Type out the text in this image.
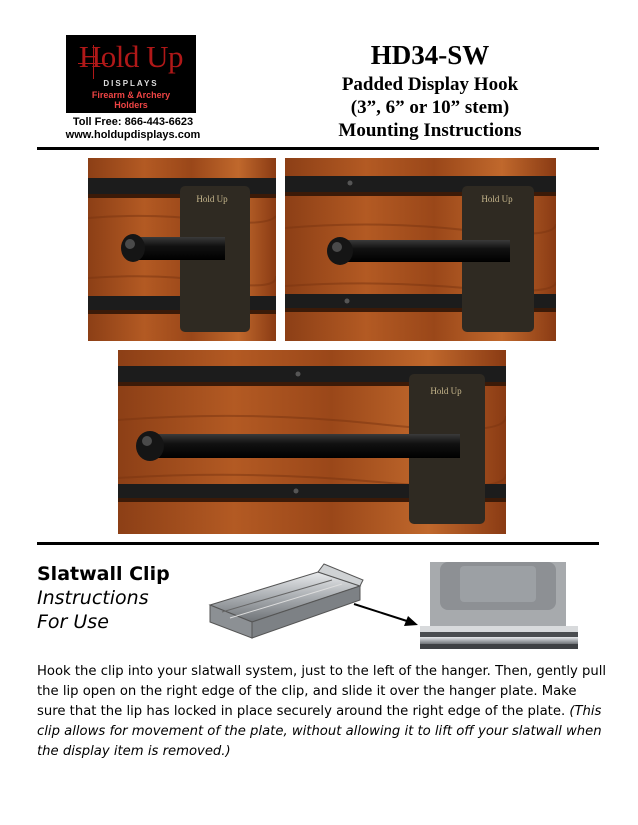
Hold Up
DISPLAYS
Firearm & Archery
Holders
Toll Free: 866-443-6623
www.holdupdisplays.com
HD34-SW
Padded Display Hook
(3”, 6” or 10” stem)
Mounting Instructions
Hold Up	Hold Up
Hold Up
Slatwall Clip
Instructions
For Use
Hook the clip into your slatwall system, just to the left of the hanger. Then, gently pull the lip open on the right edge of the clip, and slide it over the hanger plate. Make sure that the lip has locked in place securely around the right edge of the plate. (This clip allows for movement of the plate, without allowing it to lift off your slatwall when the display item is removed.)
